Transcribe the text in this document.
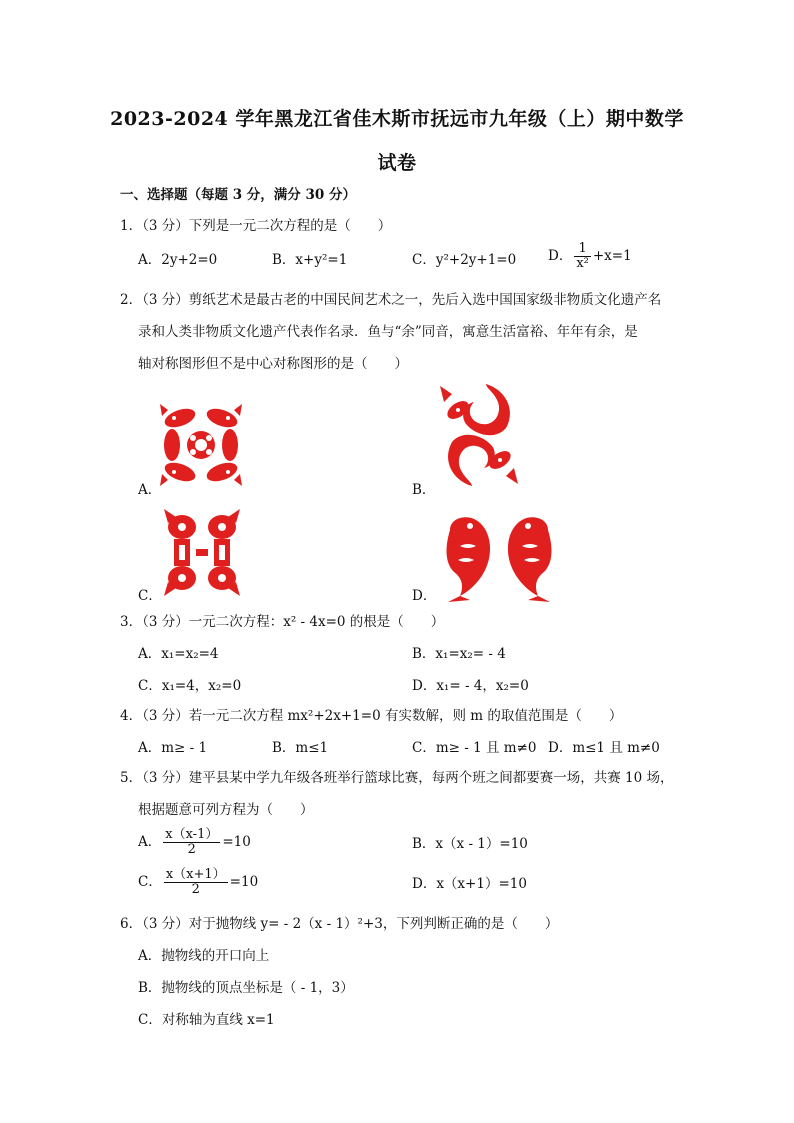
2023-2024 学年黑龙江省佳木斯市抚远市九年级（上）期中数学
试卷
一、选择题（每题 3 分，满分 30 分）
1．（3 分）下列是一元二次方程的是（　　）
A．2y+2=0	B．x+y²=1	C．y²+2y+1=0 D． $\frac{1}{\text{x²}} +x=1$
2．（3 分）剪纸艺术是最古老的中国民间艺术之一，先后入选中国国家级非物质文化遗产名
录和人类非物质文化遗产代表作名录．鱼与“余”同音，寓意生活富裕、年年有余，是
轴对称图形但不是中心对称图形的是（　　）
A．	B．
C．	D．
3．（3 分）一元二次方程：x² - 4x=0 的根是（　　）
A．x₁=x₂=4	B．x₁=x₂= - 4
C．x₁=4，x₂=0	D．x₁= - 4，x₂=0
4．（3 分）若一元二次方程 mx²+2x+1=0 有实数解，则 m 的取值范围是（　　）
A．m≥ - 1	B．m≤1	C．m≥ - 1 且 m≠0 D．m≤1 且 m≠0
5．（3 分）建平县某中学九年级各班举行篮球比赛，每两个班之间都要赛一场，共赛 10 场，
根据题意可列方程为（　　）
A． $\frac{x(x-1)}{2} =10$	B．x（x - 1）=10
C． $\frac{x(x+1)}{2} =10$	D．x（x+1）=10
6．（3 分）对于抛物线 y= - 2（x - 1）²+3，下列判断正确的是（　　）
A．抛物线的开口向上
B．抛物线的顶点坐标是（ - 1，3）
C．对称轴为直线 x=1
